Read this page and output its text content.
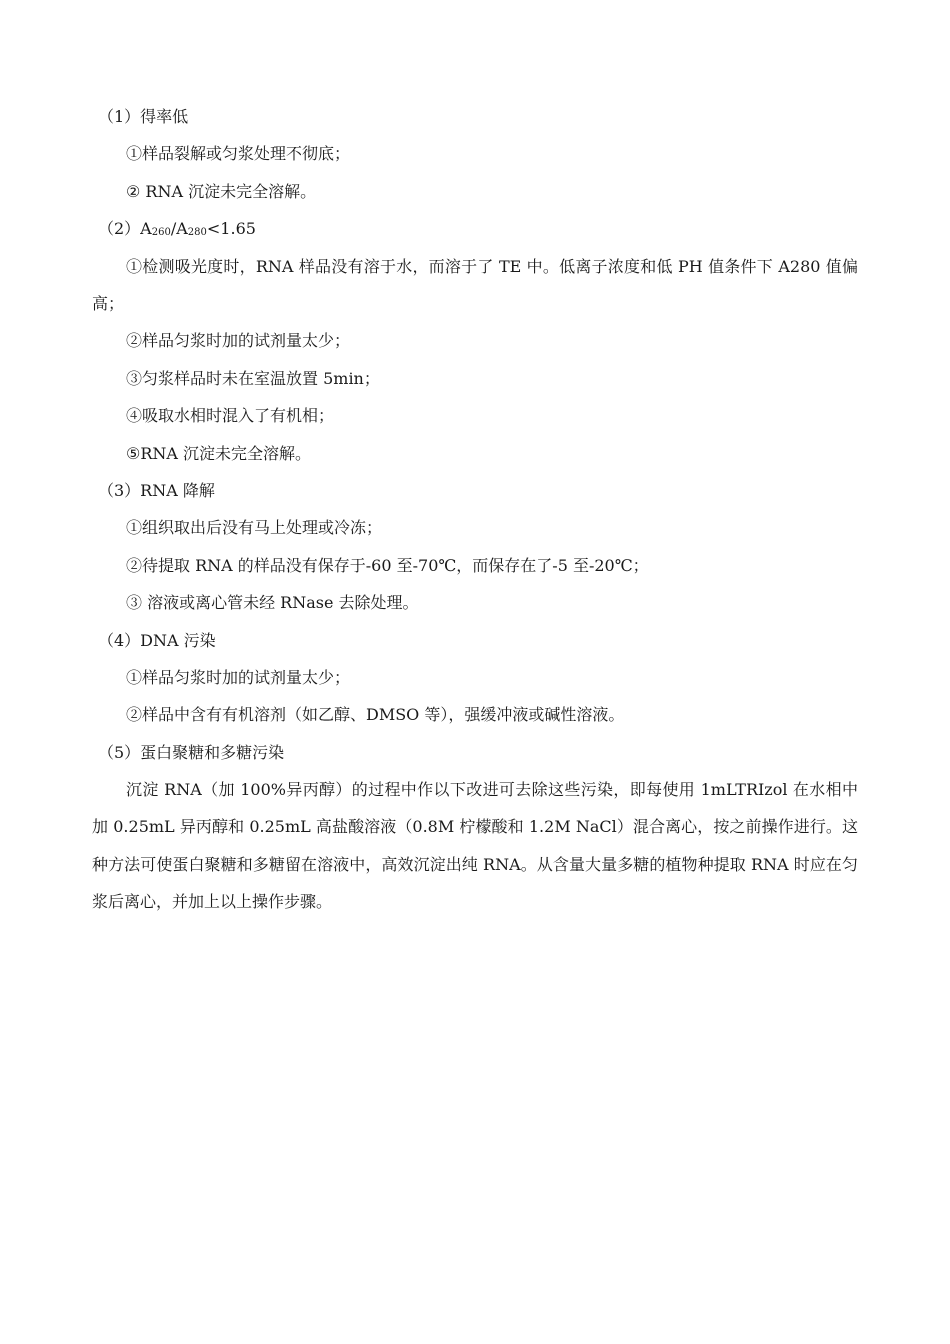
（1）得率低
①样品裂解或匀浆处理不彻底；
② RNA 沉淀未完全溶解。
$(2)A_{260}/A_{280}<1.65$
①检测吸光度时，RNA 样品没有溶于水，而溶于了 TE 中。低离子浓度和低 PH 值条件下 A280 值偏高；
②样品匀浆时加的试剂量太少；
③匀浆样品时未在室温放置 5min；
④吸取水相时混入了有机相；
⑤RNA 沉淀未完全溶解。
（3）RNA 降解
①组织取出后没有马上处理或冷冻；
②待提取 RNA 的样品没有保存于-60 至-70℃，而保存在了-5 至-20℃；
③ 溶液或离心管未经 RNase 去除处理。
（4）DNA 污染
①样品匀浆时加的试剂量太少；
②样品中含有有机溶剂（如乙醇、DMSO 等），强缓冲液或碱性溶液。
（5）蛋白聚糖和多糖污染
沉淀 RNA（加 100%异丙醇）的过程中作以下改进可去除这些污染，即每使用 1mLTRIzol 在水相中加 0.25mL 异丙醇和 0.25mL 高盐酸溶液（0.8M 柠檬酸和 1.2M NaCl）混合离心，按之前操作进行。这种方法可使蛋白聚糖和多糖留在溶液中，高效沉淀出纯 RNA。从含量大量多糖的植物种提取 RNA 时应在匀浆后离心，并加上以上操作步骤。
